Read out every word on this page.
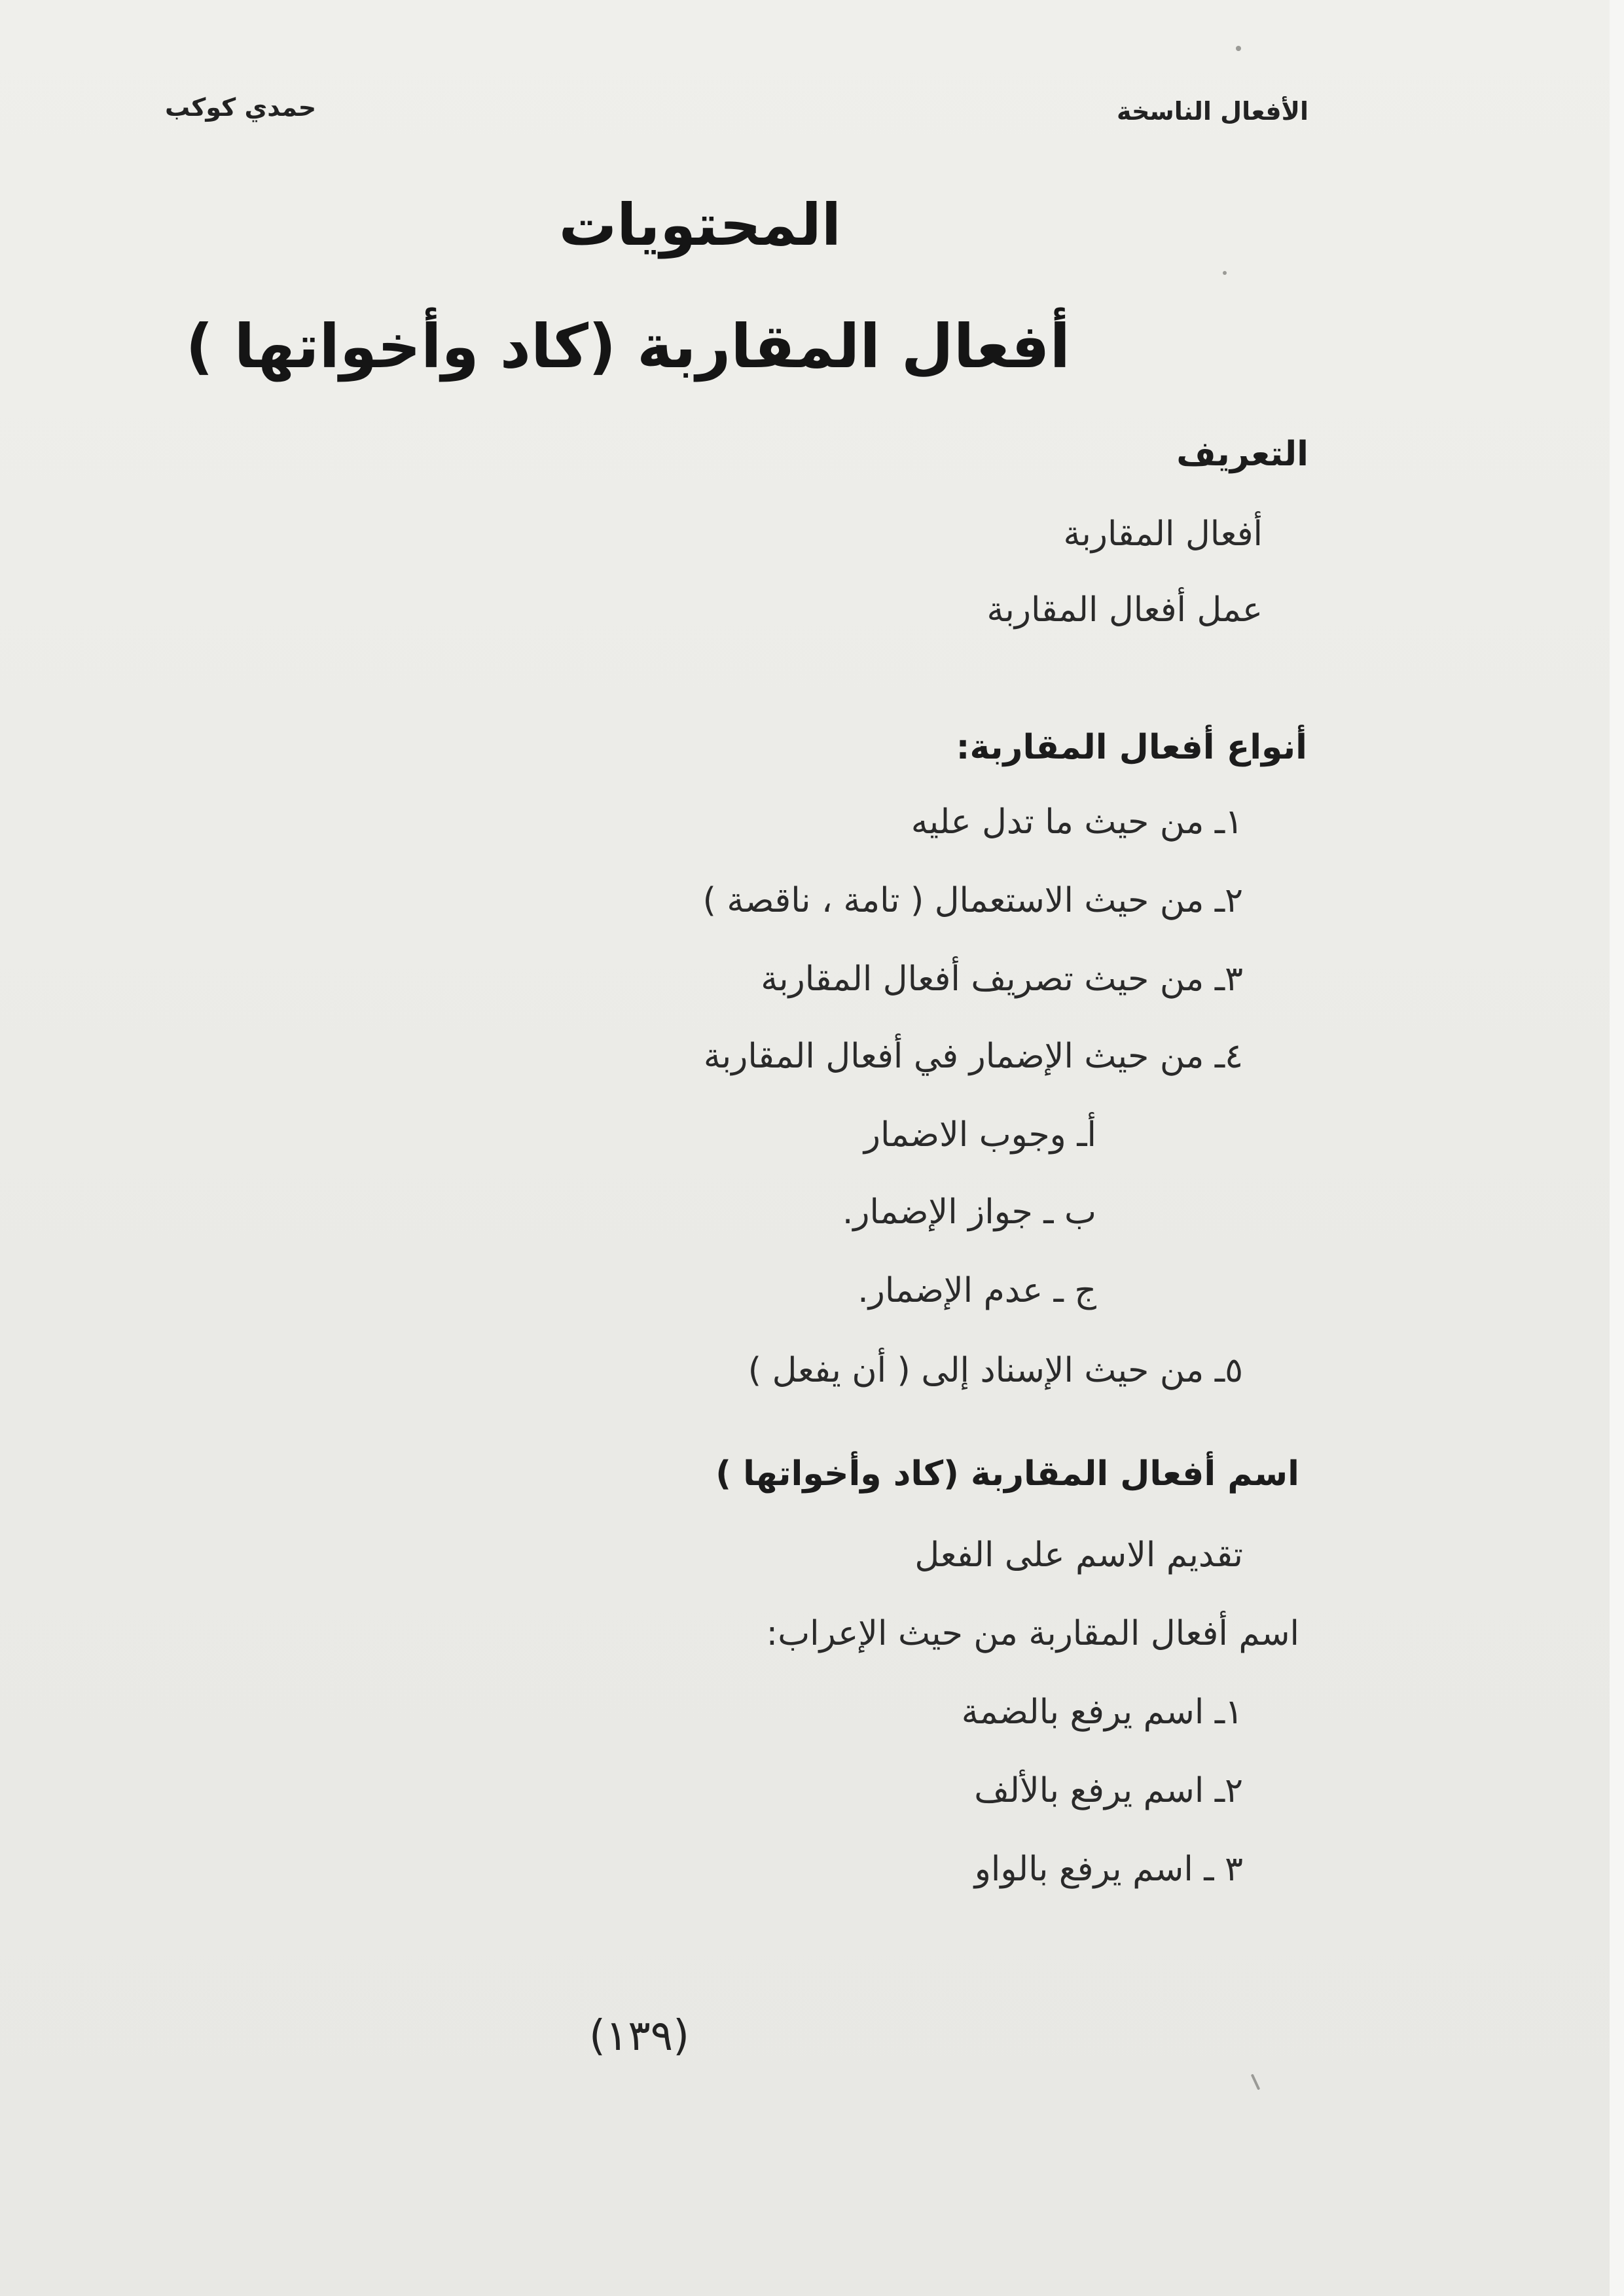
الأفعال الناسخة
حمدي كوكب
المحتويات
أفعال المقاربة (كاد وأخواتها )
التعريف
أفعال المقاربة
عمل أفعال المقاربة
أنواع أفعال المقاربة:
١ـ من حيث ما تدل عليه
٢ـ من حيث الاستعمال ( تامة ، ناقصة )
٣ـ من حيث تصريف أفعال المقاربة
٤ـ من حيث الإضمار في أفعال المقاربة
أـ وجوب الاضمار
ب ـ جواز الإضمار.
ج ـ عدم الإضمار.
٥ـ من حيث الإسناد إلى ( أن يفعل )
اسم أفعال المقاربة (كاد وأخواتها )
تقديم الاسم على الفعل
اسم أفعال المقاربة من حيث الإعراب:
١ـ اسم يرفع بالضمة
٢ـ اسم يرفع بالألف
٣ ـ اسم يرفع بالواو
(١٣٩)
